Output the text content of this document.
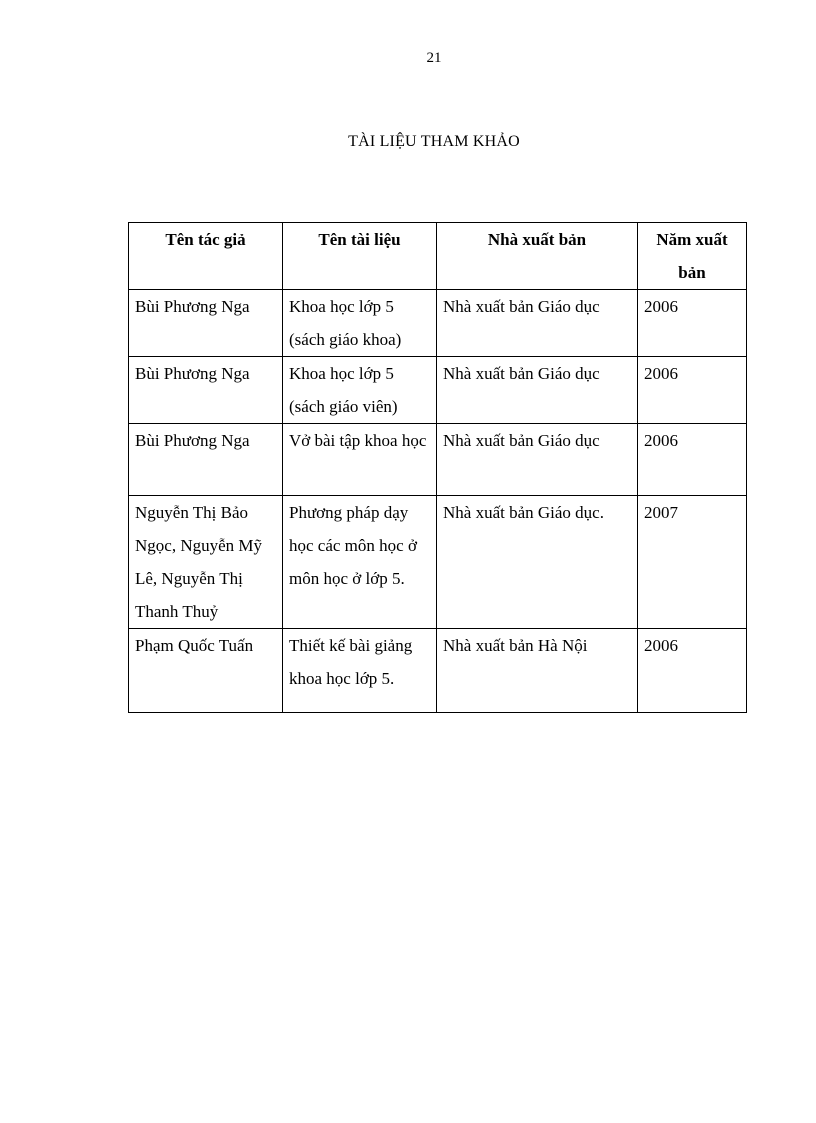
21
TÀI LIỆU THAM KHẢO
Tên tác giả	Tên tài liệu	Nhà xuất bản	Năm xuất bản
Bùi Phương Nga	Khoa học lớp 5 (sách giáo khoa)	Nhà xuất bản Giáo dục	2006
Bùi Phương Nga	Khoa học lớp 5 (sách giáo viên)	Nhà xuất bản Giáo dục	2006
Bùi Phương Nga	Vở bài tập khoa học	Nhà xuất bản Giáo dục	2006
Nguyễn Thị Bảo Ngọc, Nguyễn Mỹ Lê, Nguyễn Thị Thanh Thuỷ	Phương pháp dạy học các môn học ở môn học ở lớp 5.	Nhà xuất bản Giáo dục.	2007
Phạm Quốc Tuấn	Thiết kế bài giảng khoa học lớp 5.	Nhà xuất bản Hà Nội	2006
